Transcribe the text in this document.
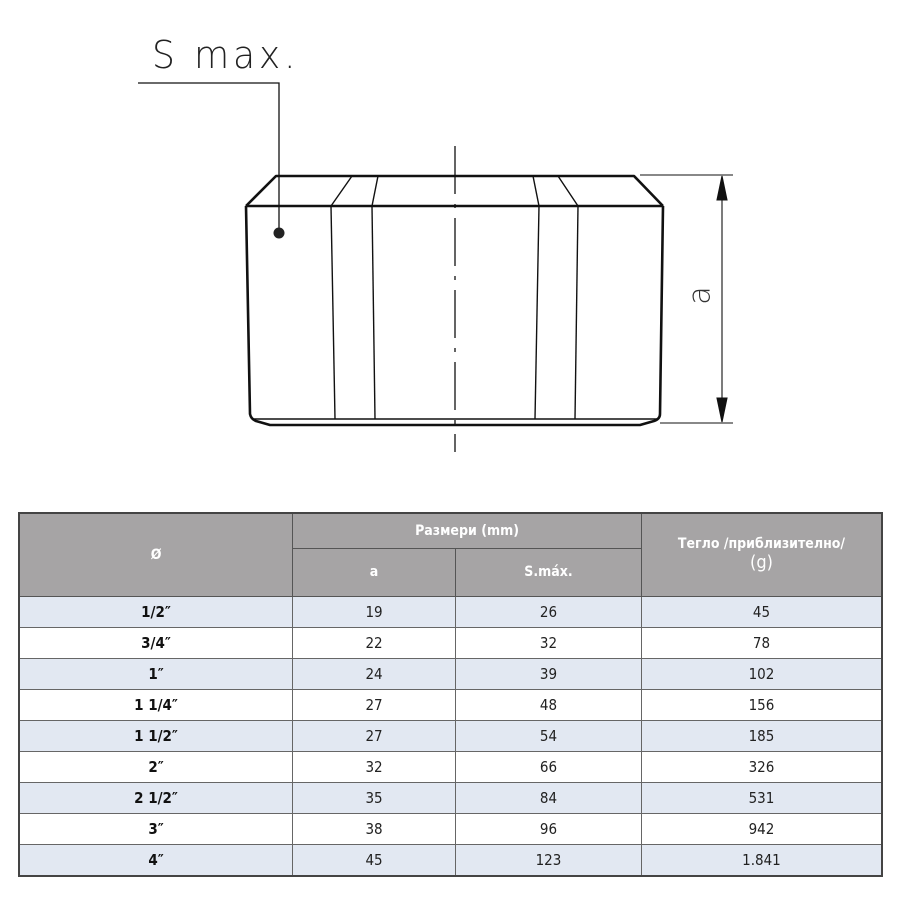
S max.
a
Ø	Размери (mm)		Тегло /приблизително/
(g)

	a	S.máx.	
1/2″	19	26	45
3/4″	22	32	78
1″	24	39	102
1 1/4″	27	48	156
1 1/2″	27	54	185
2″	32	66	326
2 1/2″	35	84	531
3″	38	96	942
4″	45	123	1.841
